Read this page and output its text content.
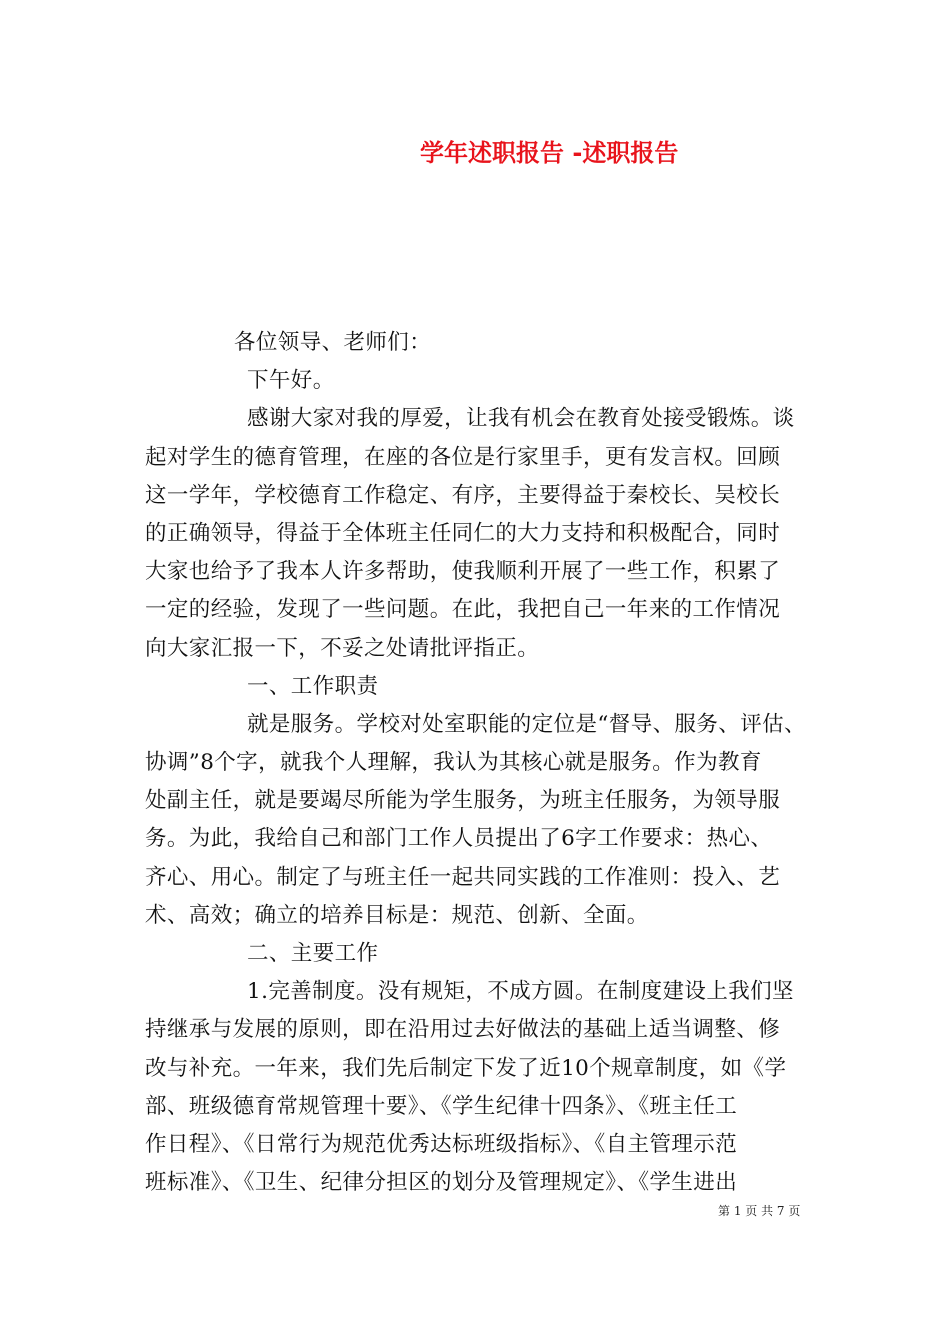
学年述职报告 -述职报告
各位领导、老师们：
下午好。
感谢大家对我的厚爱，让我有机会在教育处接受锻炼。谈
起对学生的德育管理，在座的各位是行家里手，更有发言权。回顾
这一学年，学校德育工作稳定、有序，主要得益于秦校长、吴校长
的正确领导，得益于全体班主任同仁的大力支持和积极配合，同时
大家也给予了我本人许多帮助，使我顺利开展了一些工作，积累了
一定的经验，发现了一些问题。在此，我把自己一年来的工作情况
向大家汇报一下，不妥之处请批评指正。
一、工作职责
就是服务。学校对处室职能的定位是“督导、服务、评估、
协调”8个字，就我个人理解，我认为其核心就是服务。作为教育
处副主任，就是要竭尽所能为学生服务，为班主任服务，为领导服
务。为此，我给自己和部门工作人员提出了6字工作要求：热心、
齐心、用心。制定了与班主任一起共同实践的工作准则：投入、艺
术、高效；确立的培养目标是：规范、创新、全面。
二、主要工作
1.完善制度。没有规矩，不成方圆。在制度建设上我们坚
持继承与发展的原则，即在沿用过去好做法的基础上适当调整、修
改与补充。一年来，我们先后制定下发了近10个规章制度，如《学
部、班级德育常规管理十要》、《学生纪律十四条》、《班主任工
作日程》、《日常行为规范优秀达标班级指标》、《自主管理示范
班标准》、《卫生、纪律分担区的划分及管理规定》、《学生进出
第 1 页 共 7 页
